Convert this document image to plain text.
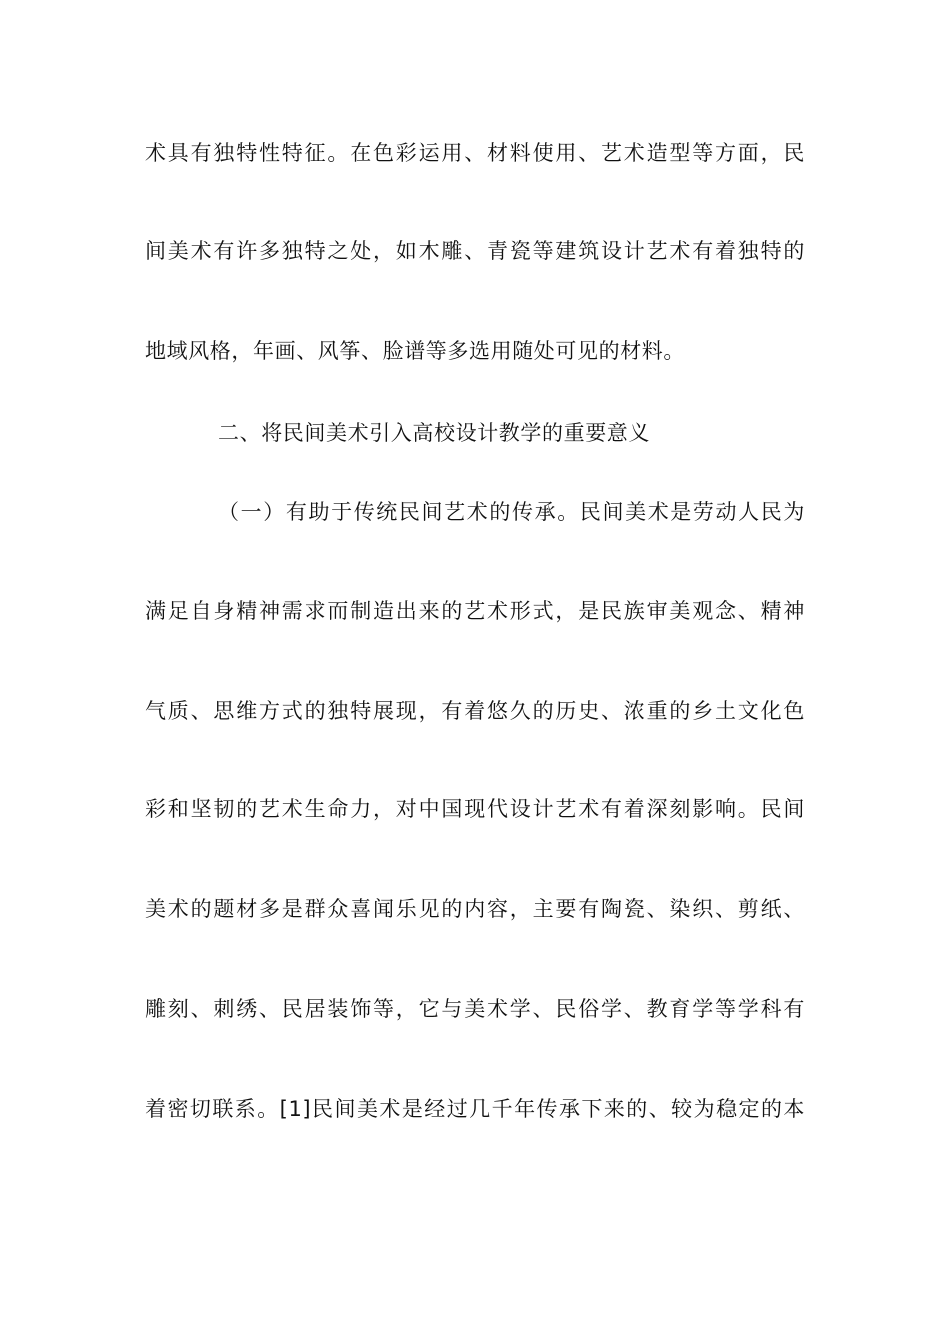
术具有独特性特征。在色彩运用、材料使用、艺术造型等方面，民
间美术有许多独特之处，如木雕、青瓷等建筑设计艺术有着独特的
地域风格，年画、风筝、脸谱等多选用随处可见的材料。
二、将民间美术引入高校设计教学的重要意义
（一）有助于传统民间艺术的传承。民间美术是劳动人民为
满足自身精神需求而制造出来的艺术形式，是民族审美观念、精神
气质、思维方式的独特展现，有着悠久的历史、浓重的乡土文化色
彩和坚韧的艺术生命力，对中国现代设计艺术有着深刻影响。民间
美术的题材多是群众喜闻乐见的内容，主要有陶瓷、染织、剪纸、
雕刻、刺绣、民居装饰等，它与美术学、民俗学、教育学等学科有
着密切联系。[1]民间美术是经过几千年传承下来的、较为稳定的本
